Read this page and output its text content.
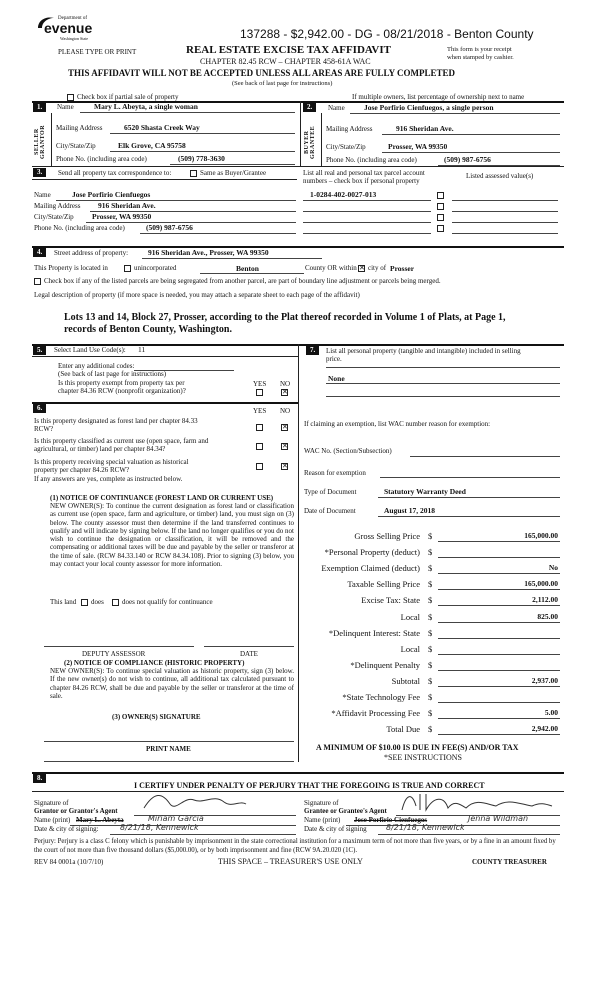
Department of
evenue
Washington State	137288 - $2,942.00 - DG - 08/21/2018 - Benton County
PLEASE TYPE OR PRINT	REAL ESTATE EXCISE TAX AFFIDAVIT	This form is your receipt
when stamped by cashier.
CHAPTER 82.45 RCW – CHAPTER 458-61A WAC
THIS AFFIDAVIT WILL NOT BE ACCEPTED UNLESS ALL AREAS ARE FULLY COMPLETED
(See back of last page for instructions)
Check box if partial sale of property	If multiple owners, list percentage of ownership next to name
1.	Name	Mary L. Abeyta, a single woman
SELLER GRANTOR Mailing Address	6520 Shasta Creek Way
City/State/Zip	Elk Grove, CA 95758
Phone No. (including area code)	(509) 778-3630
2.	Name	Jose Porfirio Cienfuegos, a single person
BUYER GRANTEE Mailing Address	916 Sheridan Ave.
City/State/Zip	Prosser, WA 99350
Phone No. (including area code)	(509) 987-6756
3.	Send all property tax correspondence to:	Same as Buyer/Grantee
Name	Jose Porfirio Cienfuegos
Mailing Address 916 Sheridan Ave.
City/State/Zip Prosser, WA 99350
Phone No. (including area code)	(509) 987-6756
List all real and personal tax parcel account
numbers – check box if personal property
Listed assessed value(s)
1-0284-402-0027-013
4.	Street address of property:	916 Sheridan Ave., Prosser, WA 99350
This Property is located in	unincorporated	Benton	County OR within ✕ city of Prosser
Check box if any of the listed parcels are being segregated from another parcel, are part of boundary line adjustment or parcels being merged.
Legal description of property (if more space is needed, you may attach a separate sheet to each page of the affidavit)
Lots 13 and 14, Block 27, Prosser, according to the Plat thereof recorded in Volume 1 of Plats, at Page 1,
records of Benton County, Washington.
5.	Select Land Use Code(s): 11
Enter any additional codes:
(See back of last page for instructions)
Is this property exempt from property tax per
chapter 84.36 RCW (nonprofit organization)?
YES NO
✕
7.	List all personal property (tangible and intangible) included in selling
price.
None
6.	YES NO
Is this property designated as forest land per chapter 84.33
RCW?	✕
Is this property classified as current use (open space, farm and
agricultural, or timber) land per chapter 84.34?	✕
Is this property receiving special valuation as historical
property per chapter 84.26 RCW?	✕
If any answers are yes, complete as instructed below.
(1) NOTICE OF CONTINUANCE (FOREST LAND OR CURRENT USE)
NEW OWNER(S): To continue the current designation as forest land or classification as current use (open space, farm and agriculture, or timber) land, you must sign on (3) below. The county assessor must then determine if the land transferred continues to qualify and will indicate by signing below. If the land no longer qualifies or you do not wish to continue the designation or classification, it will be removed and the compensating or additional taxes will be due and payable by the seller or transferor at the time of sale. (RCW 84.33.140 or RCW 84.34.108). Prior to signing (3) below, you may contact your local county assessor for more information.
This land does	does not qualify for continuance
DEPUTY ASSESSOR	DATE
(2) NOTICE OF COMPLIANCE (HISTORIC PROPERTY)
NEW OWNER(S): To continue special valuation as historic property, sign (3) below. If the new owner(s) do not wish to continue, all additional tax calculated pursuant to chapter 84.26 RCW, shall be due and payable by the seller or transferor at the time of sale.
(3) OWNER(S) SIGNATURE
PRINT NAME
If claiming an exemption, list WAC number reason for exemption:
WAC No. (Section/Subsection)
Reason for exemption
Type of Document	Statutory Warranty Deed
Date of Document	August 17, 2018
Gross Selling Price $	165,000.00
*Personal Property (deduct) $
Exemption Claimed (deduct) $	No
Taxable Selling Price $	165,000.00
Excise Tax: State $	2,112.00
Local $	825.00
*Delinquent Interest: State $
Local $
*Delinquent Penalty $
Subtotal $	2,937.00
*State Technology Fee $
*Affidavit Processing Fee $	5.00
Total Due $	2,942.00
A MINIMUM OF $10.00 IS DUE IN FEE(S) AND/OR TAX
*SEE INSTRUCTIONS
8.
I CERTIFY UNDER PENALTY OF PERJURY THAT THE FOREGOING IS TRUE AND CORRECT
Signature of
Grantor or Grantor's Agent
Name (print) Mary L. Abeyta	Miriam Garcia
Date & city of signing:	8/21/18, Kennewick
Signature of
Grantee or Grantee's Agent
Name (print) Jose Porfirio Cienfuegos	Jenna Wildman
Date & city of signing 8/21/18, Kennewick
Perjury: Perjury is a class C felony which is punishable by imprisonment in the state correctional institution for a maximum term of not more than five years, or by a fine in an amount fixed by the court of not more than five thousand dollars ($5,000.00), or by both imprisonment and fine (RCW 9A.20.020 (1C).
REV 84 0001a (10/7/10)	THIS SPACE – TREASURER'S USE ONLY	COUNTY TREASURER
